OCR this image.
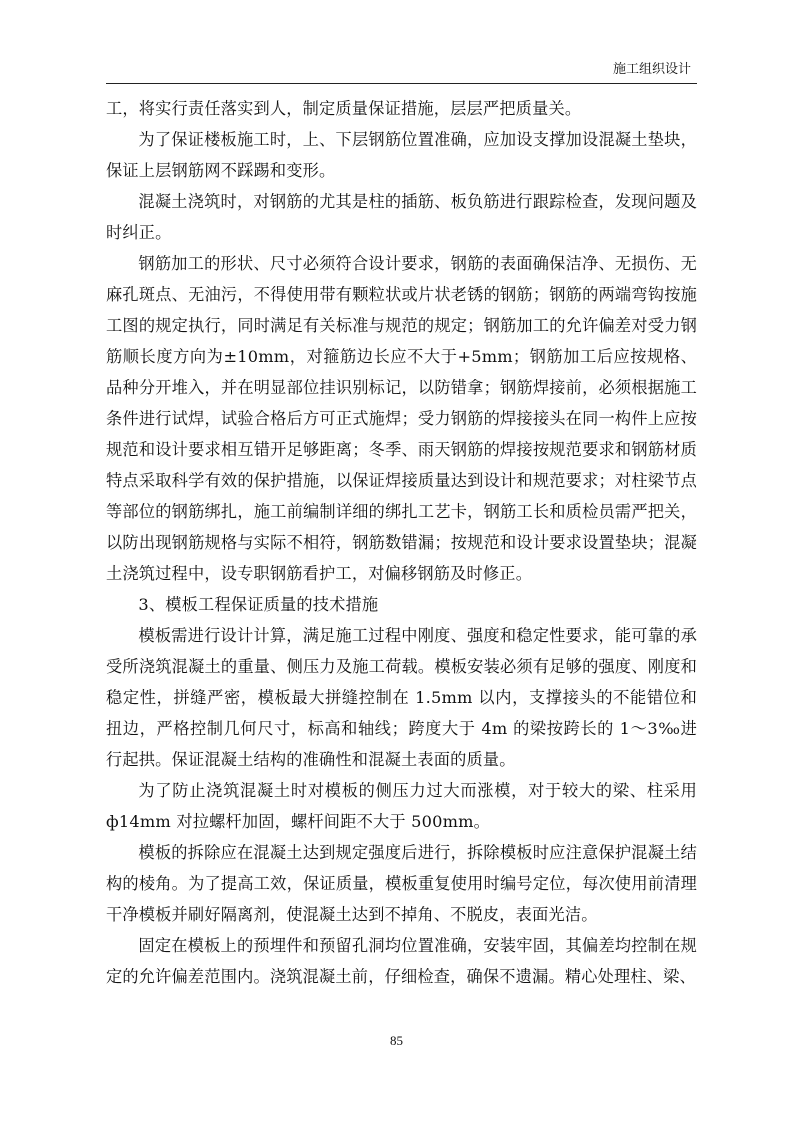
施工组织设计

工，将实行责任落实到人，制定质量保证措施，层层严把质量关。

为了保证楼板施工时，上、下层钢筋位置准确，应加设支撑加设混凝土垫块，保证上层钢筋网不踩踢和变形。

混凝土浇筑时，对钢筋的尤其是柱的插筋、板负筋进行跟踪检查，发现问题及时纠正。

钢筋加工的形状、尺寸必须符合设计要求，钢筋的表面确保洁净、无损伤、无麻孔斑点、无油污，不得使用带有颗粒状或片状老锈的钢筋；钢筋的两端弯钩按施工图的规定执行，同时满足有关标准与规范的规定；钢筋加工的允许偏差对受力钢筋顺长度方向为±10mm，对箍筋边长应不大于+5mm；钢筋加工后应按规格、品种分开堆入，并在明显部位挂识别标记，以防错拿；钢筋焊接前，必须根据施工条件进行试焊，试验合格后方可正式施焊；受力钢筋的焊接接头在同一构件上应按规范和设计要求相互错开足够距离；冬季、雨天钢筋的焊接按规范要求和钢筋材质特点采取科学有效的保护措施，以保证焊接质量达到设计和规范要求；对柱梁节点等部位的钢筋绑扎，施工前编制详细的绑扎工艺卡，钢筋工长和质检员需严把关，以防出现钢筋规格与实际不相符，钢筋数错漏；按规范和设计要求设置垫块；混凝土浇筑过程中，设专职钢筋看护工，对偏移钢筋及时修正。

3、模板工程保证质量的技术措施

模板需进行设计计算，满足施工过程中刚度、强度和稳定性要求，能可靠的承受所浇筑混凝土的重量、侧压力及施工荷载。模板安装必须有足够的强度、刚度和稳定性，拼缝严密，模板最大拼缝控制在 1.5mm 以内，支撑接头的不能错位和扭边，严格控制几何尺寸，标高和轴线；跨度大于 4m 的梁按跨长的 1～3‰进行起拱。保证混凝土结构的准确性和混凝土表面的质量。

为了防止浇筑混凝土时对模板的侧压力过大而涨模，对于较大的梁、柱采用ф14mm 对拉螺杆加固，螺杆间距不大于 500mm。

模板的拆除应在混凝土达到规定强度后进行，拆除模板时应注意保护混凝土结构的棱角。为了提高工效，保证质量，模板重复使用时编号定位，每次使用前清理干净模板并刷好隔离剂，使混凝土达到不掉角、不脱皮，表面光洁。

固定在模板上的预埋件和预留孔洞均位置准确，安装牢固，其偏差均控制在规定的允许偏差范围内。浇筑混凝土前，仔细检查，确保不遗漏。精心处理柱、梁、

85
